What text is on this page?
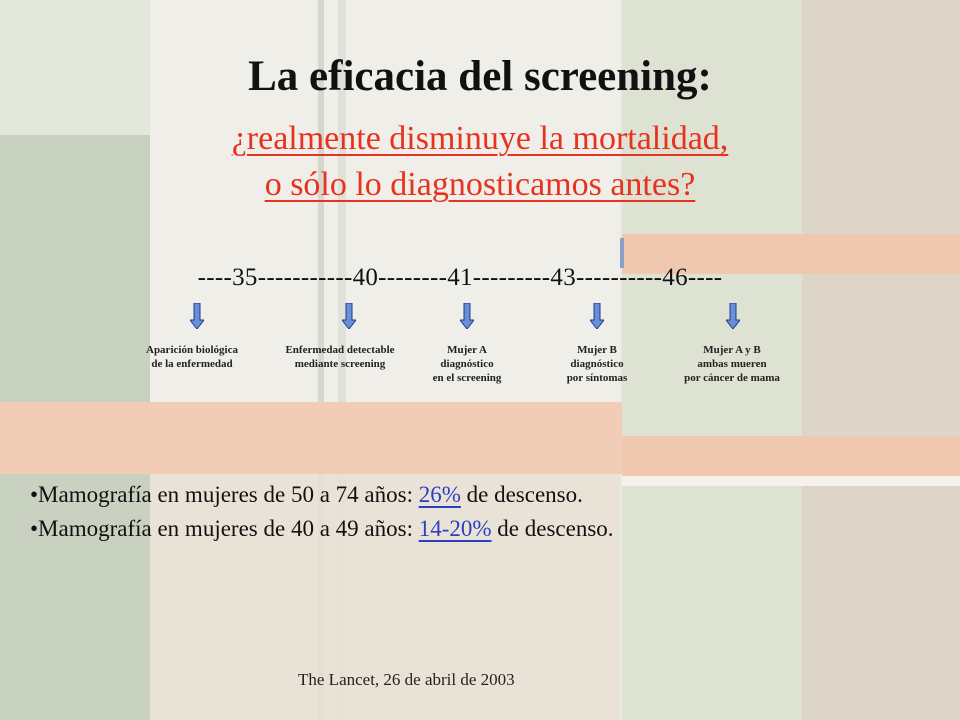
La eficacia del screening:
¿realmente disminuye la mortalidad,
o sólo lo diagnosticamos antes?
----35-----------40--------41---------43----------46----
Aparición biológica
de la enfermedad
Enfermedad detectable
mediante screening
Mujer A
diagnóstico
en el screening
Mujer B
diagnóstico
por síntomas
Mujer A y B
ambas mueren
por cáncer de mama
•Mamografía en mujeres de 50 a 74 años: 26% de descenso.
•Mamografía en mujeres de 40 a 49 años: 14-20% de descenso.
The Lancet, 26 de abril de 2003
